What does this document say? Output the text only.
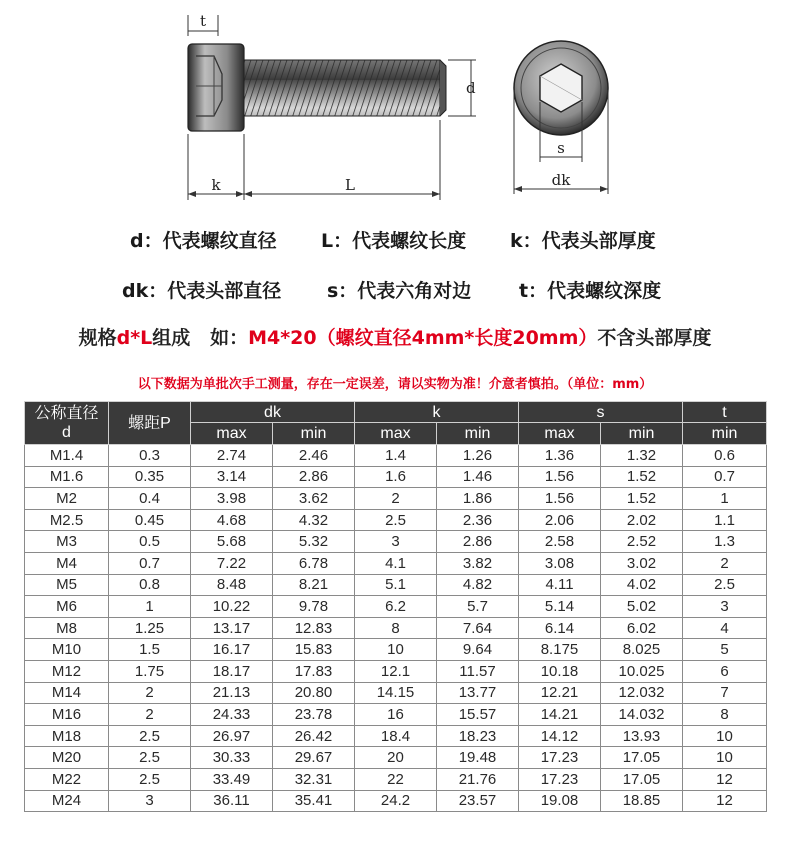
t
d
k	L
s
dk
d：代表螺纹直径 L：代表螺纹长度 k：代表头部厚度
dk：代表头部直径 s：代表六角对边	t：代表螺纹深度
规格d*L组成   如：M4*20（螺纹直径4mm*长度20mm）不含头部厚度
以下数据为单批次手工测量，存在一定误差，请以实物为准！介意者慎拍。（单位：mm）
公称直径
d	螺距P	dk		k		s		t
		max	min	max	min	max	min	min
M1.4	0.3	2.74	2.46	1.4	1.26	1.36	1.32	0.6
M1.6	0.35	3.14	2.86	1.6	1.46	1.56	1.52	0.7
M2	0.4	3.98	3.62	2	1.86	1.56	1.52	1
M2.5	0.45	4.68	4.32	2.5	2.36	2.06	2.02	1.1
M3	0.5	5.68	5.32	3	2.86	2.58	2.52	1.3
M4	0.7	7.22	6.78	4.1	3.82	3.08	3.02	2
M5	0.8	8.48	8.21	5.1	4.82	4.11	4.02	2.5
M6	1	10.22	9.78	6.2	5.7	5.14	5.02	3
M8	1.25	13.17	12.83	8	7.64	6.14	6.02	4
M10	1.5	16.17	15.83	10	9.64	8.175	8.025	5
M12	1.75	18.17	17.83	12.1	11.57	10.18	10.025	6
M14	2	21.13	20.80	14.15	13.77	12.21	12.032	7
M16	2	24.33	23.78	16	15.57	14.21	14.032	8
M18	2.5	26.97	26.42	18.4	18.23	14.12	13.93	10
M20	2.5	30.33	29.67	20	19.48	17.23	17.05	10
M22	2.5	33.49	32.31	22	21.76	17.23	17.05	12
M24	3	36.11	35.41	24.2	23.57	19.08	18.85	12
